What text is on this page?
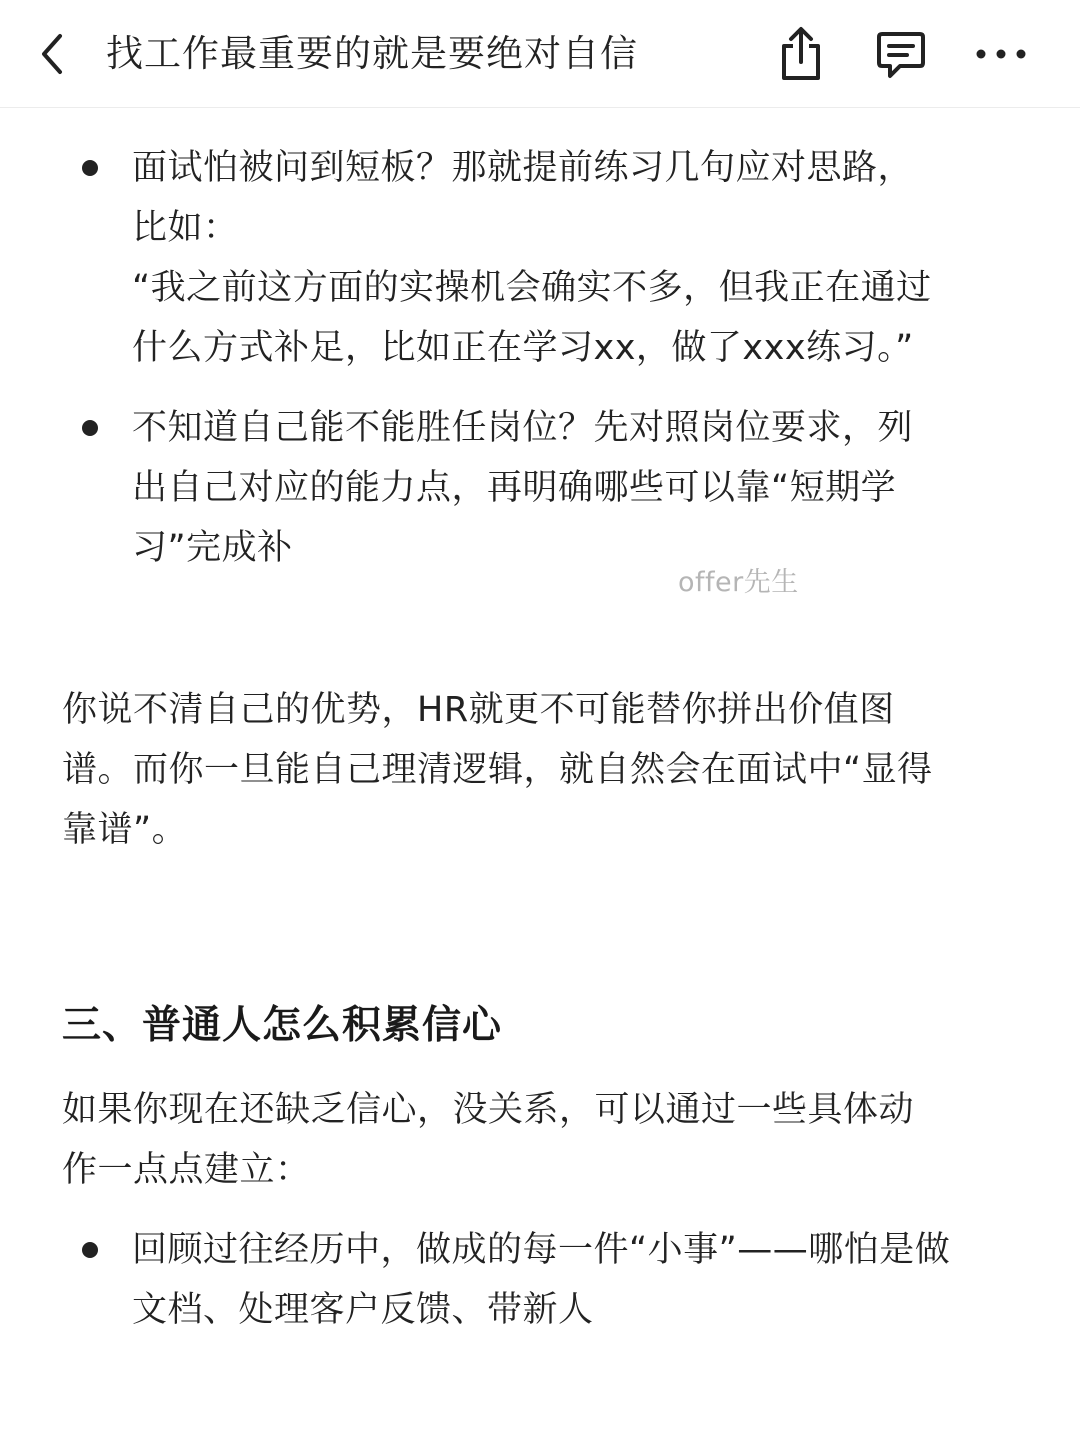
找工作最重要的就是要绝对自信

面试怕被问到短板？那就提前练习几句应对思路，

比如：

“我之前这方面的实操机会确实不多，但我正在通过

什么方式补足，比如正在学习xx，做了xxx练习。”

不知道自己能不能胜任岗位？先对照岗位要求，列

出自己对应的能力点，再明确哪些可以靠“短期学

习”完成补

offer先生
你说不清自己的优势，HR就更不可能替你拼出价值图
谱。而你一旦能自己理清逻辑，就自然会在面试中“显得
靠谱”。
三、普通人怎么积累信心
如果你现在还缺乏信心，没关系，可以通过一些具体动
作一点点建立：

回顾过往经历中，做成的每一件“小事”——哪怕是做

文档、处理客户反馈、带新人
